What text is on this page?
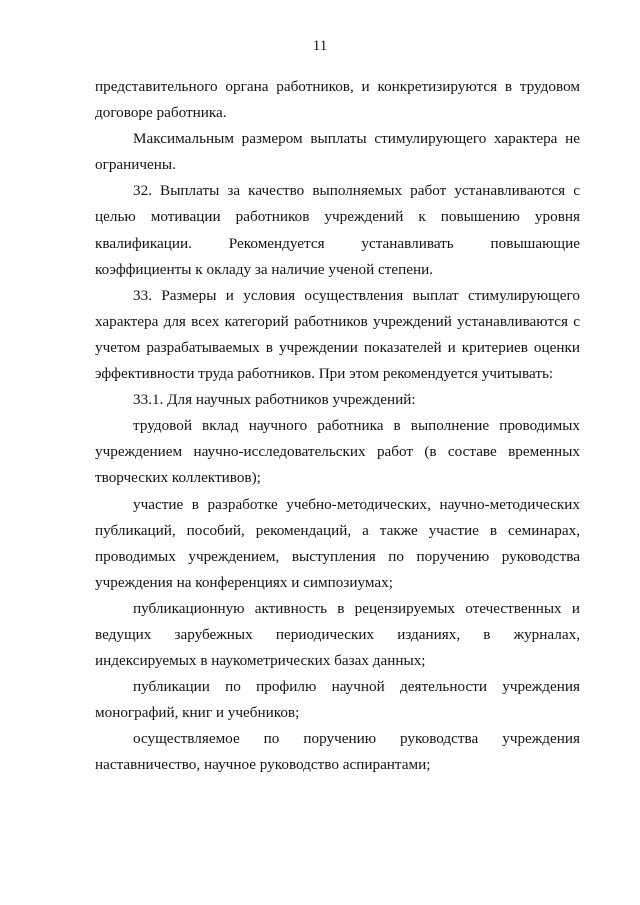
11

представительного органа работников, и конкретизируются в трудовом договоре работника.

Максимальным размером выплаты стимулирующего характера не ограничены.

32. Выплаты за качество выполняемых работ устанавливаются с целью мотивации работников учреждений к повышению уровня квалификации. Рекомендуется устанавливать повышающие коэффициенты к окладу за наличие ученой степени.

33. Размеры и условия осуществления выплат стимулирующего характера для всех категорий работников учреждений устанавливаются с учетом разрабатываемых в учреждении показателей и критериев оценки эффективности труда работников. При этом рекомендуется учитывать:

33.1. Для научных работников учреждений:

трудовой вклад научного работника в выполнение проводимых учреждением научно-исследовательских работ (в составе временных творческих коллективов);

участие в разработке учебно-методических, научно-методических публикаций, пособий, рекомендаций, а также участие в семинарах, проводимых учреждением, выступления по поручению руководства учреждения на конференциях и симпозиумах;

публикационную активность в рецензируемых отечественных и ведущих зарубежных периодических изданиях, в журналах, индексируемых в наукометрических базах данных;

публикации по профилю научной деятельности учреждения монографий, книг и учебников;

осуществляемое по поручению руководства учреждения наставничество, научное руководство аспирантами;
